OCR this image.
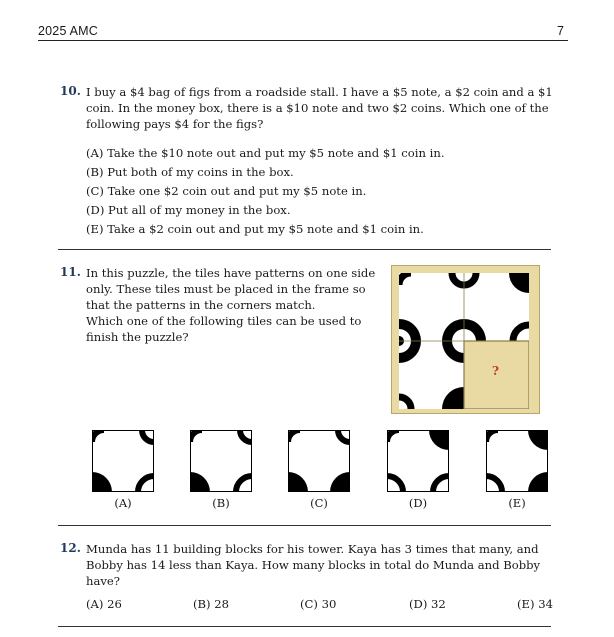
2025 AMC	7
10. I buy a $4 bag of figs from a roadside stall. I have a $5 note, a $2 coin and a $1
coin. In the money box, there is a $10 note and two $2 coins. Which one of the
following pays $4 for the figs?
(A) Take the $10 note out and put my $5 note and $1 coin in.
(B) Put both of my coins in the box.
(C) Take one $2 coin out and put my $5 note in.
(D) Put all of my money in the box.
(E) Take a $2 coin out and put my $5 note and $1 coin in.
11. In this puzzle, the tiles have patterns on one side
only. These tiles must be placed in the frame so
that the patterns in the corners match.
Which one of the following tiles can be used to
finish the puzzle?
?
(A)	(B)	(C)	(D)	(E)
12. Munda has 11 building blocks for his tower. Kaya has 3 times that many, and
Bobby has 14 less than Kaya. How many blocks in total do Munda and Bobby
have?
(A) 26	(B) 28	(C) 30	(D) 32	(E) 34
